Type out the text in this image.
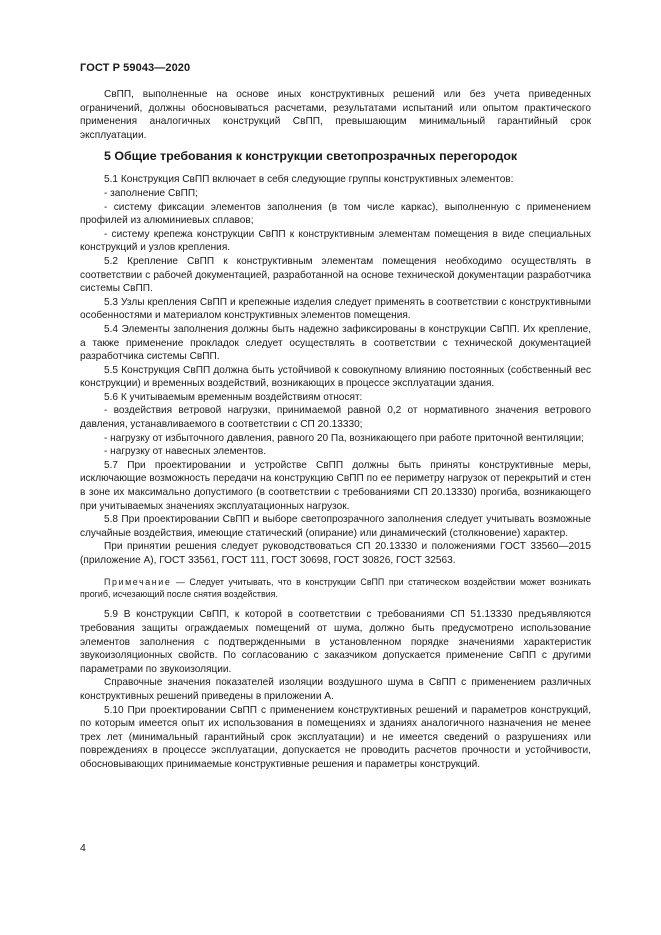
ГОСТ Р 59043—2020

СвПП, выполненные на основе иных конструктивных решений или без учета приведенных ограничений, должны обосновываться расчетами, результатами испытаний или опытом практического применения аналогичных конструкций СвПП, превышающим минимальный гарантийный срок эксплуатации.

5 Общие требования к конструкции светопрозрачных перегородок

5.1 Конструкция СвПП включает в себя следующие группы конструктивных элементов:

- заполнение СвПП;

- систему фиксации элементов заполнения (в том числе каркас), выполненную с применением профилей из алюминиевых сплавов;

- систему крепежа конструкции СвПП к конструктивным элементам помещения в виде специальных конструкций и узлов крепления.

5.2 Крепление СвПП к конструктивным элементам помещения необходимо осуществлять в соответствии с рабочей документацией, разработанной на основе технической документации разработчика системы СвПП.

5.3 Узлы крепления СвПП и крепежные изделия следует применять в соответствии с конструктивными особенностями и материалом конструктивных элементов помещения.

5.4 Элементы заполнения должны быть надежно зафиксированы в конструкции СвПП. Их крепление, а также применение прокладок следует осуществлять в соответствии с технической документацией разработчика системы СвПП.

5.5 Конструкция СвПП должна быть устойчивой к совокупному влиянию постоянных (собственный вес конструкции) и временных воздействий, возникающих в процессе эксплуатации здания.

5.6 К учитываемым временным воздействиям относят:

- воздействия ветровой нагрузки, принимаемой равной 0,2 от нормативного значения ветрового давления, устанавливаемого в соответствии с СП 20.13330;

- нагрузку от избыточного давления, равного 20 Па, возникающего при работе приточной вентиляции;

- нагрузку от навесных элементов.

5.7 При проектировании и устройстве СвПП должны быть приняты конструктивные меры, исключающие возможность передачи на конструкцию СвПП по ее периметру нагрузок от перекрытий и стен в зоне их максимально допустимого (в соответствии с требованиями СП 20.13330) прогиба, возникающего при учитываемых значениях эксплуатационных нагрузок.

5.8 При проектировании СвПП и выборе светопрозрачного заполнения следует учитывать возможные случайные воздействия, имеющие статический (опирание) или динамический (столкновение) характер.

При принятии решения следует руководствоваться СП 20.13330 и положениями ГОСТ 33560—2015 (приложение А), ГОСТ 33561, ГОСТ 111, ГОСТ 30698, ГОСТ 30826, ГОСТ 32563.

Примечание — Следует учитывать, что в конструкции СвПП при статическом воздействии может возникать прогиб, исчезающий после снятия воздействия.

5.9 В конструкции СвПП, к которой в соответствии с требованиями СП 51.13330 предъявляются требования защиты ограждаемых помещений от шума, должно быть предусмотрено использование элементов заполнения с подтвержденными в установленном порядке значениями характеристик звукоизоляционных свойств. По согласованию с заказчиком допускается применение СвПП с другими параметрами по звукоизоляции.

Справочные значения показателей изоляции воздушного шума в СвПП с применением различных конструктивных решений приведены в приложении А.

5.10 При проектировании СвПП с применением конструктивных решений и параметров конструкций, по которым имеется опыт их использования в помещениях и зданиях аналогичного назначения не менее трех лет (минимальный гарантийный срок эксплуатации) и не имеется сведений о разрушениях или повреждениях в процессе эксплуатации, допускается не проводить расчетов прочности и устойчивости, обосновывающих принимаемые конструктивные решения и параметры конструкций.

4
